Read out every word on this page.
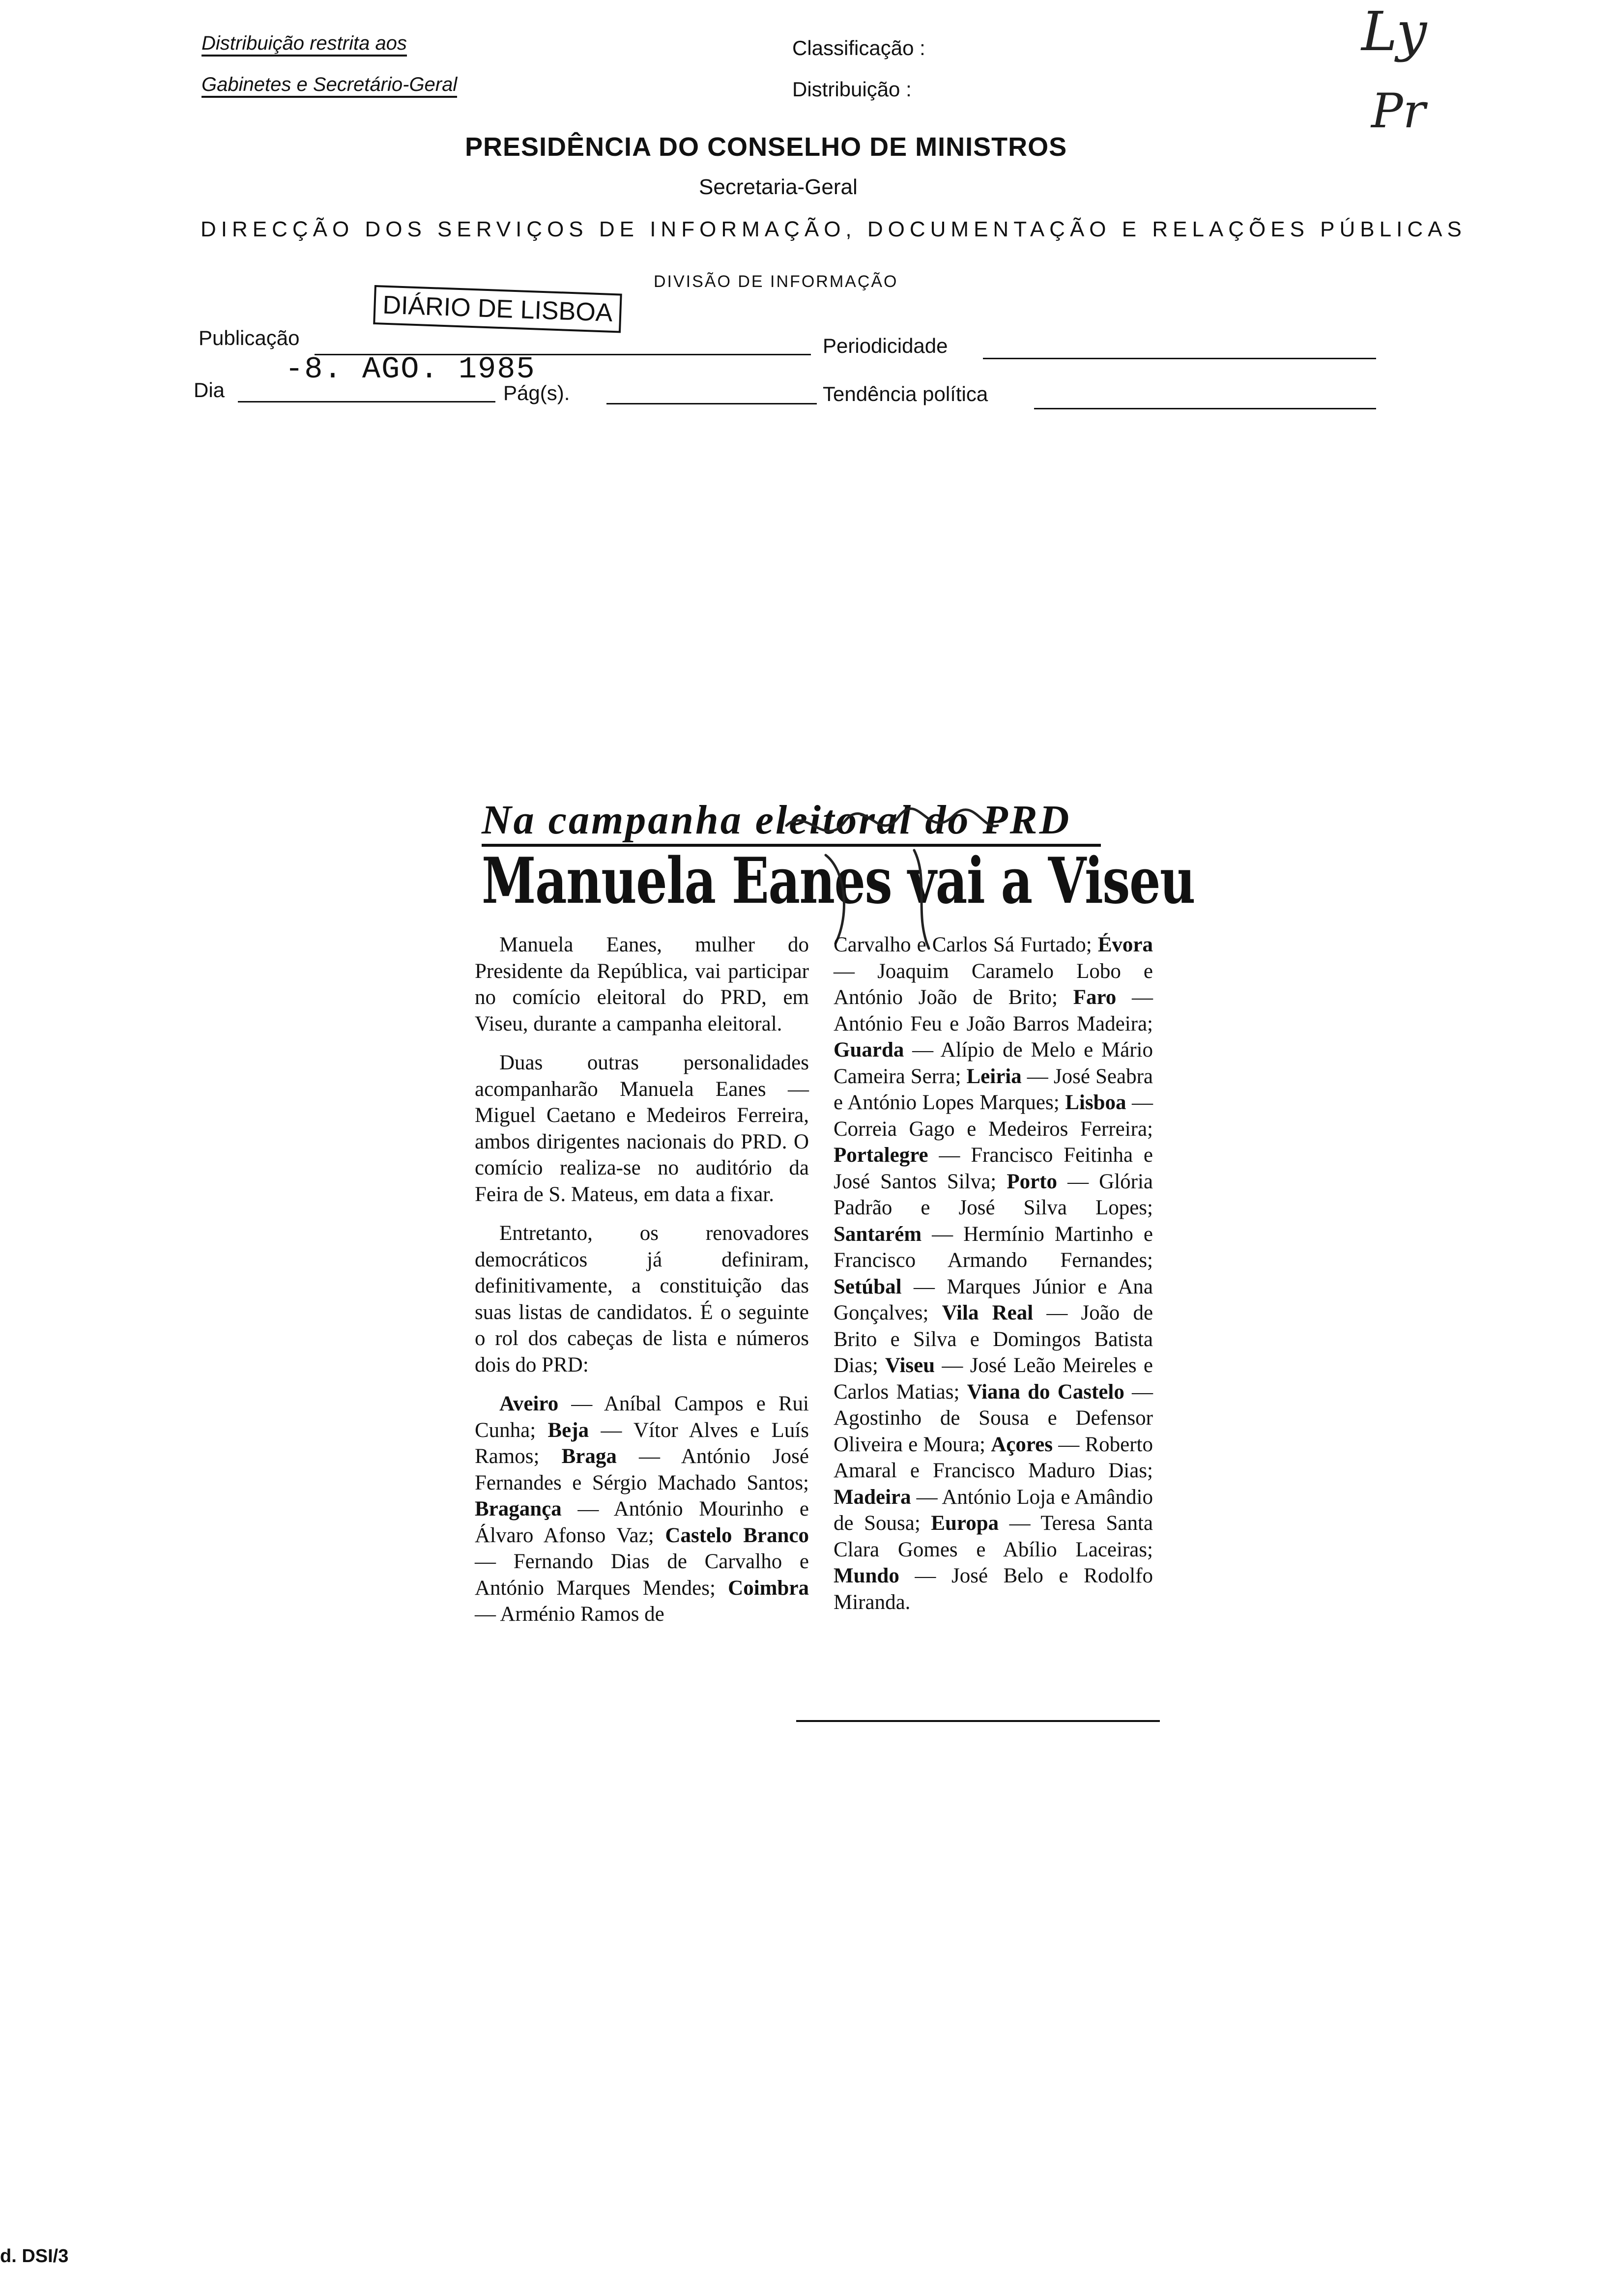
Distribuição restrita aos
Gabinetes e Secretário-Geral
Classificação :
Distribuição :
Ly
Pr
PRESIDÊNCIA DO CONSELHO DE MINISTROS
Secretaria-Geral
DIRECÇÃO DOS SERVIÇOS DE INFORMAÇÃO, DOCUMENTAÇÃO E RELAÇÕES PÚBLICAS
DIVISÃO DE INFORMAÇÃO
Publicação
DIÁRIO DE LISBOA
Periodicidade
Dia
-8. AGO. 1985
Pág(s).	Tendência política
Na campanha eleitoral do PRD
Manuela Eanes vai a Viseu

Manuela Eanes, mulher do Presidente da República, vai participar no comício eleitoral do PRD, em Viseu, durante a campanha eleitoral.

Duas outras personalidades acompanharão Manuela Eanes — Miguel Caetano e Medeiros Ferreira, ambos dirigentes nacionais do PRD. O comício realiza-se no auditório da Feira de S. Mateus, em data a fixar.

Entretanto, os renovadores democráticos já definiram, definitivamente, a constituição das suas listas de candidatos. É o seguinte o rol dos cabeças de lista e números dois do PRD:

Aveiro — Aníbal Campos e Rui Cunha; Beja — Vítor Alves e Luís Ramos; Braga — António José Fernandes e Sérgio Machado Santos; Bragança — António Mourinho e Álvaro Afonso Vaz; Castelo Branco — Fernando Dias de Carvalho e António Marques Mendes; Coimbra — Arménio Ramos de

Carvalho e Carlos Sá Furtado; Évora — Joaquim Caramelo Lobo e António João de Brito; Faro — António Feu e João Barros Madeira; Guarda — Alípio de Melo e Mário Cameira Serra; Leiria — José Seabra e António Lopes Marques; Lisboa — Correia Gago e Medeiros Ferreira; Portalegre — Francisco Feitinha e José Santos Silva; Porto — Glória Padrão e José Silva Lopes; Santarém — Hermínio Martinho e Francisco Armando Fernandes; Setúbal — Marques Júnior e Ana Gonçalves; Vila Real — João de Brito e Silva e Domingos Batista Dias; Viseu — José Leão Meireles e Carlos Matias; Viana do Castelo — Agostinho de Sousa e Defensor Oliveira e Moura; Açores — Roberto Amaral e Francisco Maduro Dias; Madeira — António Loja e Amândio de Sousa; Europa — Teresa Santa Clara Gomes e Abílio Laceiras; Mundo — José Belo e Rodolfo Miranda.

d. DSI/3
